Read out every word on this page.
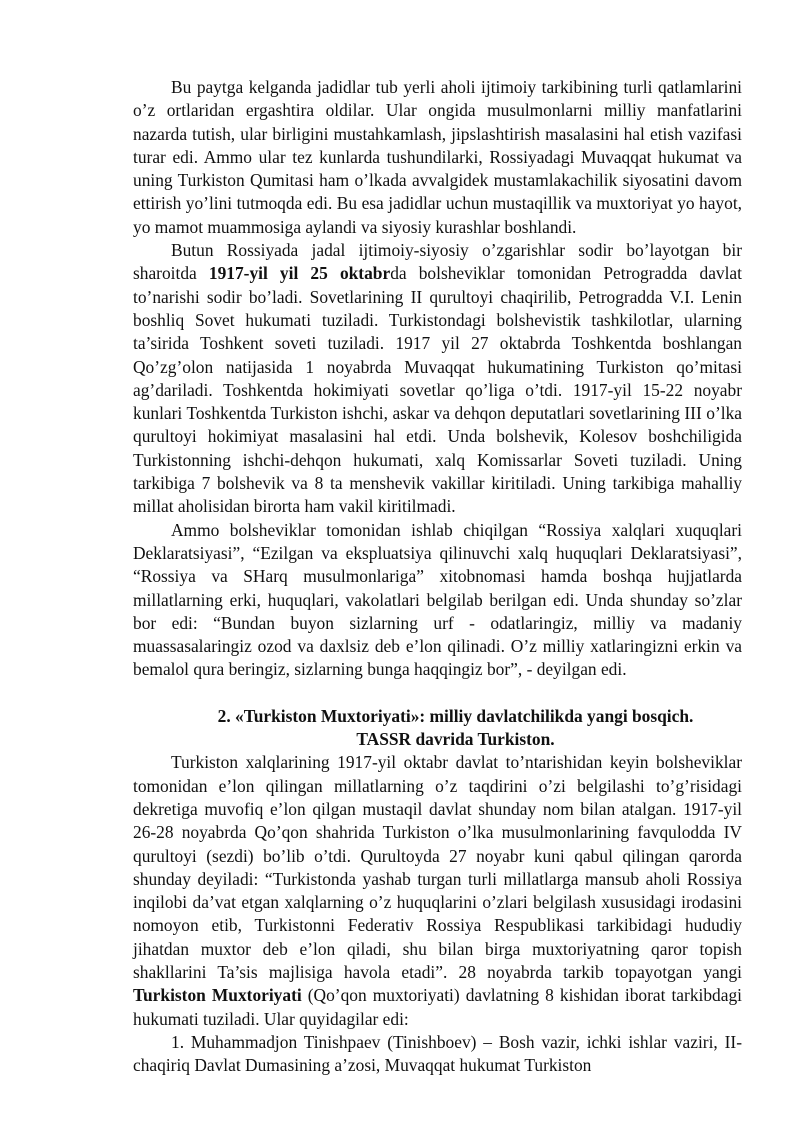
Bu paytga kelganda jadidlar tub yerli aholi ijtimoiy tarkibining turli qatlamlarini o’z ortlaridan ergashtira oldilar. Ular ongida musulmonlarni milliy manfatlarini nazarda tutish, ular birligini mustahkamlash, jipslashtirish masalasini hal etish vazifasi turar edi. Ammo ular tez kunlarda tushundilarki, Rossiyadagi Muvaqqat hukumat va uning Turkiston Qumitasi ham o’lkada avvalgidek mustamlakachilik siyosatini davom ettirish yo’lini tutmoqda edi. Bu esa jadidlar uchun mustaqillik va muxtoriyat yo hayot, yo mamot muammosiga aylandi va siyosiy kurashlar boshlandi.

Butun Rossiyada jadal ijtimoiy-siyosiy o’zgarishlar sodir bo’layotgan bir sharoitda 1917-yil yil 25 oktabrda bolsheviklar tomonidan Petrogradda davlat to’narishi sodir bo’ladi. Sovetlarining II qurultoyi chaqirilib, Petrogradda V.I. Lenin boshliq Sovet hukumati tuziladi. Turkistondagi bolshevistik tashkilotlar, ularning ta’sirida Toshkent soveti tuziladi. 1917 yil 27 oktabrda Toshkentda boshlangan Qo’zg’olon natijasida 1 noyabrda Muvaqqat hukumatining Turkiston qo’mitasi ag’dariladi. Toshkentda hokimiyati sovetlar qo’liga o’tdi. 1917-yil 15-22 noyabr kunlari Toshkentda Turkiston ishchi, askar va dehqon deputatlari sovetlarining III o’lka qurultoyi hokimiyat masalasini hal etdi. Unda bolshevik, Kolesov boshchiligida Turkistonning ishchi-dehqon hukumati, xalq Komissarlar Soveti tuziladi. Uning tarkibiga 7 bolshevik va 8 ta menshevik vakillar kiritiladi. Uning tarkibiga mahalliy millat aholisidan birorta ham vakil kiritilmadi.

Ammo bolsheviklar tomonidan ishlab chiqilgan “Rossiya xalqlari xuquqlari Deklaratsiyasi”, “Ezilgan va ekspluatsiya qilinuvchi xalq huquqlari Deklaratsiyasi”, “Rossiya va SHarq musulmonlariga” xitobnomasi hamda boshqa hujjatlarda millatlarning erki, huquqlari, vakolatlari belgilab berilgan edi. Unda shunday so’zlar bor edi: “Bundan buyon sizlarning urf - odatlaringiz, milliy va madaniy muassasalaringiz ozod va daxlsiz deb e’lon qilinadi. O’z milliy xatlaringizni erkin va bemalol qura beringiz, sizlarning bunga haqqingiz bor”, - deyilgan edi.

2. «Turkiston Muxtoriyati»: milliy davlatchilikda yangi bosqich.
TASSR davrida Turkiston.

Turkiston xalqlarining 1917-yil oktabr davlat to’ntarishidan keyin bolsheviklar tomonidan e’lon qilingan millatlarning o’z taqdirini o’zi belgilashi to’g’risidagi dekretiga muvofiq e’lon qilgan mustaqil davlat shunday nom bilan atalgan. 1917-yil 26-28 noyabrda Qo’qon shahrida Turkiston o’lka musulmonlarining favqulodda IV qurultoyi (sezdi) bo’lib o’tdi. Qurultoyda 27 noyabr kuni qabul qilingan qarorda shunday deyiladi: “Turkistonda yashab turgan turli millatlarga mansub aholi Rossiya inqilobi da’vat etgan xalqlarning o’z huquqlarini o’zlari belgilash xususidagi irodasini nomoyon etib, Turkistonni Federativ Rossiya Respublikasi tarkibidagi hududiy jihatdan muxtor deb e’lon qiladi, shu bilan birga muxtoriyatning qaror topish shakllarini Ta’sis majlisiga havola etadi”. 28 noyabrda tarkib topayotgan yangi Turkiston Muxtoriyati (Qo’qon muxtoriyati) davlatning 8 kishidan iborat tarkibdagi hukumati tuziladi. Ular quyidagilar edi:

1. Muhammadjon Tinishpaev (Tinishboev) – Bosh vazir, ichki ishlar vaziri, II-chaqiriq Davlat Dumasining a’zosi, Muvaqqat hukumat Turkiston
